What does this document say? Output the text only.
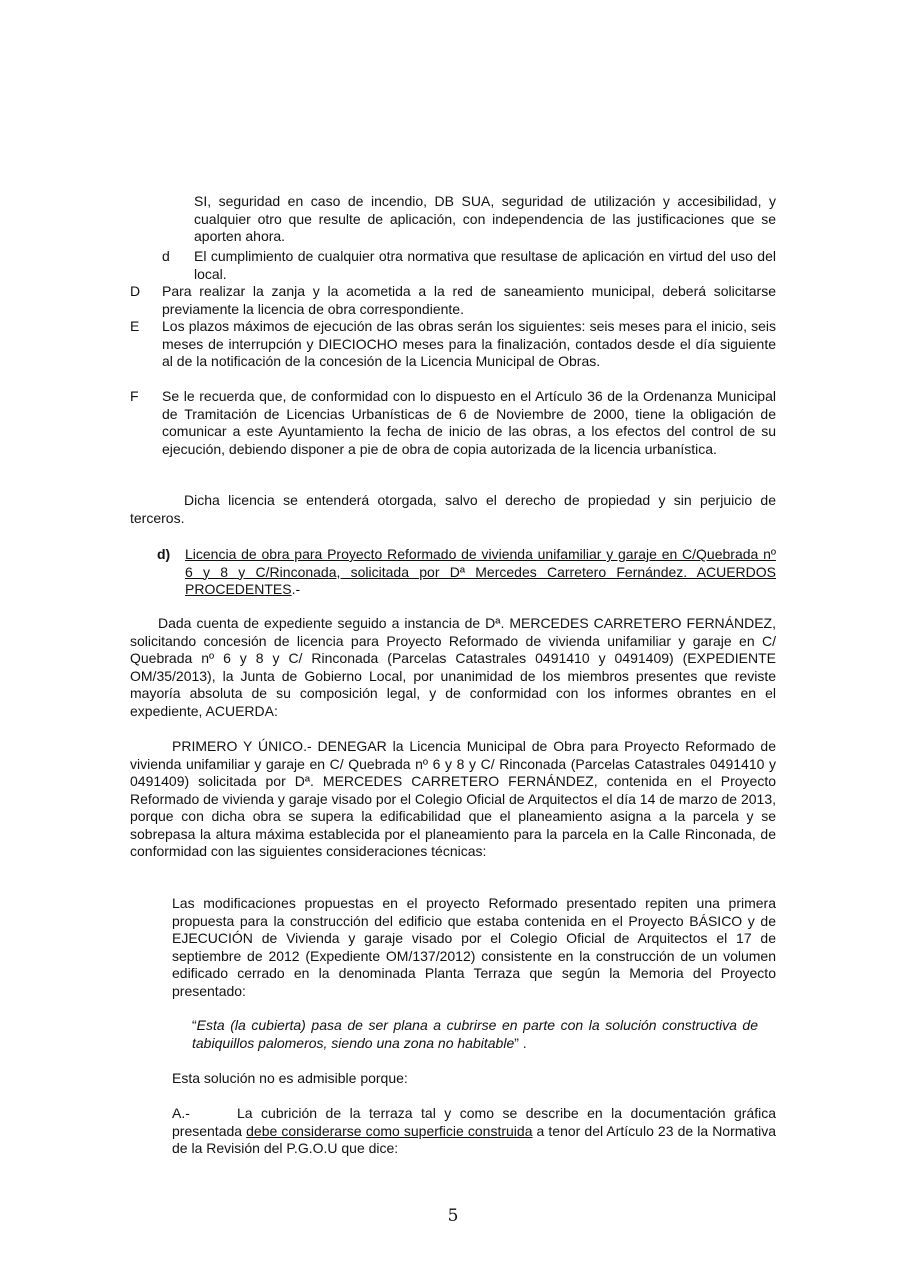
SI, seguridad en caso de incendio, DB SUA, seguridad de utilización y accesibilidad, y cualquier otro que resulte de aplicación, con independencia de las justificaciones que se aporten ahora.

d El cumplimiento de cualquier otra normativa que resultase de aplicación en virtud del uso del local.

D Para realizar la zanja y la acometida a la red de saneamiento municipal, deberá solicitarse previamente la licencia de obra correspondiente.

E Los plazos máximos de ejecución de las obras serán los siguientes: seis meses para el inicio, seis meses de interrupción y DIECIOCHO meses para la finalización, contados desde el día siguiente al de la notificación de la concesión de la Licencia Municipal de Obras.

F Se le recuerda que, de conformidad con lo dispuesto en el Artículo 36 de la Ordenanza Municipal de Tramitación de Licencias Urbanísticas de 6 de Noviembre de 2000, tiene la obligación de comunicar a este Ayuntamiento la fecha de inicio de las obras, a los efectos del control de su ejecución, debiendo disponer a pie de obra de copia autorizada de la licencia urbanística.

Dicha licencia se entenderá otorgada, salvo el derecho de propiedad y sin perjuicio de terceros.

d) Licencia de obra para Proyecto Reformado de vivienda unifamiliar y garaje en C/Quebrada nº 6 y 8 y C/Rinconada, solicitada por Dª Mercedes Carretero Fernández. ACUERDOS PROCEDENTES.-

Dada cuenta de expediente seguido a instancia de Dª. MERCEDES CARRETERO FERNÁNDEZ, solicitando concesión de licencia para Proyecto Reformado de vivienda unifamiliar y garaje en C/ Quebrada nº 6 y 8 y C/ Rinconada (Parcelas Catastrales 0491410 y 0491409) (EXPEDIENTE OM/35/2013), la Junta de Gobierno Local, por unanimidad de los miembros presentes que reviste mayoría absoluta de su composición legal, y de conformidad con los informes obrantes en el expediente, ACUERDA:

PRIMERO Y ÚNICO.- DENEGAR la Licencia Municipal de Obra para Proyecto Reformado de vivienda unifamiliar y garaje en C/ Quebrada nº 6 y 8 y C/ Rinconada (Parcelas Catastrales 0491410 y 0491409) solicitada por Dª. MERCEDES CARRETERO FERNÁNDEZ, contenida en el Proyecto Reformado de vivienda y garaje visado por el Colegio Oficial de Arquitectos el día 14 de marzo de 2013, porque con dicha obra se supera la edificabilidad que el planeamiento asigna a la parcela y se sobrepasa la altura máxima establecida por el planeamiento para la parcela en la Calle Rinconada, de conformidad con las siguientes consideraciones técnicas:

Las modificaciones propuestas en el proyecto Reformado presentado repiten una primera propuesta para la construcción del edificio que estaba contenida en el Proyecto BÁSICO y de EJECUCIÓN de Vivienda y garaje visado por el Colegio Oficial de Arquitectos el 17 de septiembre de 2012 (Expediente OM/137/2012) consistente en la construcción de un volumen edificado cerrado en la denominada Planta Terraza que según la Memoria del Proyecto presentado:

“Esta (la cubierta) pasa de ser plana a cubrirse en parte con la solución constructiva de tabiquillos palomeros, siendo una zona no habitable” .

Esta solución no es admisible porque:

A.-	La cubrición de la terraza tal y como se describe en la documentación gráfica presentada debe considerarse como superficie construida a tenor del Artículo 23 de la Normativa de la Revisión del P.G.O.U que dice:

5
